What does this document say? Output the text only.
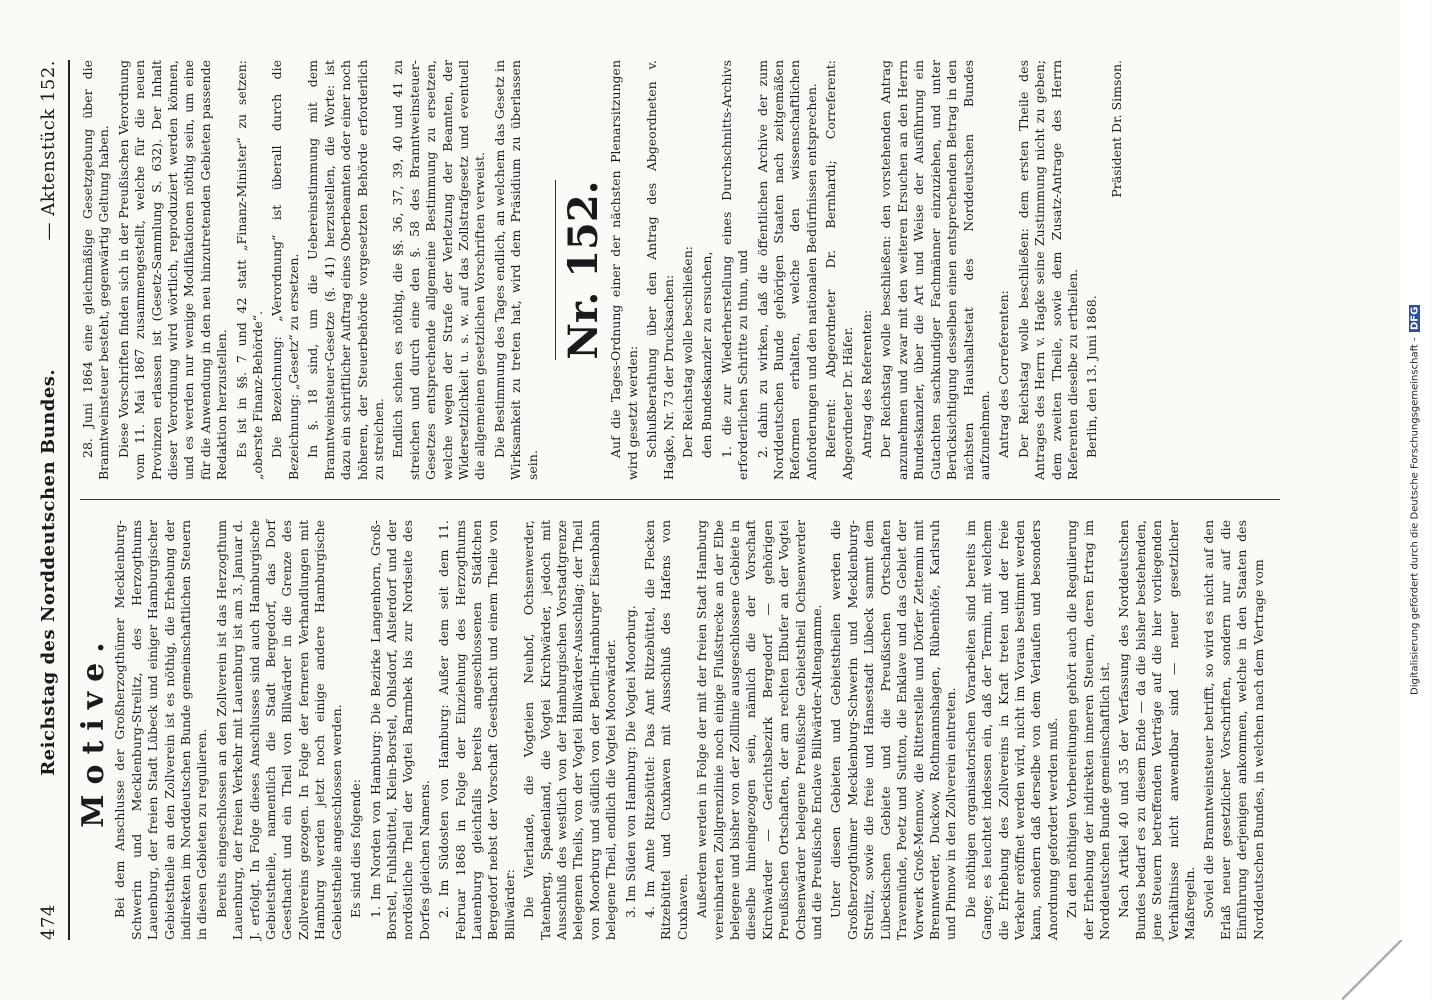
474
Reichstag des Norddeutschen Bundes.
— Aktenstück 152.
Motive. Bei dem Anschlusse der Großherzogthümer Mecklenburg-Schwerin und Mecklenburg-Strelitz, des Herzogthums Lauenburg, der freien Stadt Lübeck und einiger Hamburgischer Gebietstheile an den Zollverein ist es nöthig, die Erhebung der indirekten im Norddeutschen Bunde gemeinschaftlichen Steuern in diesen Gebieten zu regulieren. Bereits eingeschlossen an den Zollverein ist das Herzogthum Lauenburg, der freien Verkehr mit Lauenburg ist am 3. Januar d. J. erfolgt. In Folge dieses Anschlusses sind auch Hamburgische Gebietstheile, namentlich die Stadt Bergedorf, das Dorf Geesthacht und ein Theil von Billwärder in die Grenze des Zollvereins gezogen. In Folge der ferneren Verhandlungen mit Hamburg werden jetzt noch einige andere Hamburgische Gebietstheile angeschlossen werden. Es sind dies folgende: 1. Im Norden von Hamburg: Die Bezirke Langenhorn, Groß-Borstel, Fuhlsbüttel, Klein-Borstel, Ohlsdorf, Alsterdorf und der nordöstliche Theil der Vogtei Barmbek bis zur Nordseite des Dorfes gleichen Namens. 2. Im Südosten von Hamburg: Außer dem seit dem 11. Februar 1868 in Folge der Einziehung des Herzogthums Lauenburg gleichfalls bereits angeschlossenen Städtchen Bergedorf nebst der Vorschaft Geesthacht und einem Theile von Billwärder: Die Vierlande, die Vogteien Neuhof, Ochsenwerder, Tatenberg, Spadenland, die Vogtei Kirchwärder, jedoch mit Ausschluß des westlich von der Hamburgischen Vorstadtgrenze belegenen Theils, von der Vogtei Billwärder-Ausschlag; der Theil von Moorburg und südlich von der Berlin-Hamburger Eisenbahn belegene Theil, endlich die Vogtei Moorwärder. 3. Im Süden von Hamburg: Die Vogtei Moorburg. 4. Im Amte Ritzebüttel: Das Amt Ritzebüttel, die Flecken Ritzebüttel und Cuxhaven mit Ausschluß des Hafens von Cuxhaven. Außerdem werden in Folge der mit der freien Stadt Hamburg vereinbarten Zollgrenzlinie noch einige Flußstrecke an der Elbe belegene und bisher von der Zolllinie ausgeschlossene Gebiete in dieselbe hineingezogen sein, nämlich die der Vorschaft Kirchwärder — Gerichtsbezirk Bergedorf — gehörigen Preußischen Ortschaften, der am rechten Elbufer an der Vogtei Ochsenwärder belegene Preußische Gebietstheil Ochsenwerder und die Preußische Enclave Billwärder-Altengamme. Unter diesen Gebieten und Gebietstheilen werden die Großherzogthümer Mecklenburg-Schwerin und Mecklenburg-Strelitz, sowie die freie und Hansestadt Lübeck sammt dem Lübeckischen Gebiete und die Preußischen Ortschaften Travemünde, Poetz und Sutton, die Enklave und das Gebiet der Vorwerk Groß-Mennow, die Ritterstelle und Dörfer Zettemin mit Brennwerder, Duckow, Rothmannshagen, Rübenhöfe, Karlsruh und Pinnow in den Zollverein eintreten. Die nöthigen organisatorischen Vorarbeiten sind bereits im Gange; es leuchtet indessen ein, daß der Termin, mit welchem die Erhebung des Zollvereins in Kraft treten und der freie Verkehr eröffnet werden wird, nicht im Voraus bestimmt werden kann, sondern daß derselbe von dem Verlaufen und besonders Anordnung gefordert werden muß. Zu den nöthigen Vorbereitungen gehört auch die Regulierung der Erhebung der indirekten inneren Steuern, deren Ertrag im Norddeutschen Bunde gemeinschaftlich ist. Nach Artikel 40 und 35 der Verfassung des Norddeutschen Bundes bedarf es zu diesem Ende — da die bisher bestehenden, jene Steuern betreffenden Verträge auf die hier vorliegenden Verhältnisse nicht anwendbar sind — neuer gesetzlicher Maßregeln. Soviel die Branntweinsteuer betrifft, so wird es nicht auf den Erlaß neuer gesetzlicher Vorschriften, sondern nur auf die Einführung derjenigen ankommen, welche in den Staaten des Norddeutschen Bundes, in welchen nach dem Vertrage vom

28. Juni 1864 eine gleichmäßige Gesetzgebung über die Branntweinsteuer besteht, gegenwärtig Geltung haben. Diese Vorschriften finden sich in der Preußischen Verordnung vom 11. Mai 1867 zusammengestellt, welche für die neuen Provinzen erlassen ist (Gesetz-Sammlung S. 632). Der Inhalt dieser Verordnung wird wörtlich, reproduziert werden können, und es werden nur wenige Modifikationen nöthig sein, um eine für die Anwendung in den neu hinzutretenden Gebieten passende Redaktion herzustellen. Es ist in §§. 7 und 42 statt „Finanz-Minister“ zu setzen: „oberste Finanz-Behörde“. Die Bezeichnung: „Verordnung“ ist überall durch die Bezeichnung: „Gesetz“ zu ersetzen. In §. 18 sind, um die Uebereinstimmung mit dem Branntweinsteuer-Gesetze (§. 41) herzustellen, die Worte: ist dazu ein schriftlicher Auftrag eines Oberbeamten oder einer noch höheren, der Steuerbehörde vorgesetzten Behörde erforderlich zu streichen. Endlich schien es nöthig, die §§. 36, 37, 39, 40 und 41 zu streichen und durch eine den §. 58 des Branntweinsteuer-Gesetzes entsprechende allgemeine Bestimmung zu ersetzen, welche wegen der Strafe der Verletzung der Beamten, der Widersetzlichkeit u. s. w. auf das Zollstrafgesetz und eventuell die allgemeinen gesetzlichen Vorschriften verweist. Die Bestimmung des Tages endlich, an welchem das Gesetz in Wirksamkeit zu treten hat, wird dem Präsidium zu überlassen sein.

Nr. 152. Auf die Tages-Ordnung einer der nächsten Plenarsitzungen wird gesetzt werden: Schlußberathung über den Antrag des Abgeordneten v. Hagke, Nr. 73 der Drucksachen: Der Reichstag wolle beschließen: den Bundeskanzler zu ersuchen, 1. die zur Wiederherstellung eines Durchschnitts-Archivs erforderlichen Schritte zu thun, und 2. dahin zu wirken, daß die öffentlichen Archive der zum Norddeutschen Bunde gehörigen Staaten nach zeitgemäßen Reformen erhalten, welche den wissenschaftlichen Anforderungen und den nationalen Bedürfnissen entsprechen. Referent: Abgeordneter Dr. Bernhardi; Correferent: Abgeordneter Dr. Häfer. Antrag des Referenten: Der Reichstag wolle beschließen: den vorstehenden Antrag anzunehmen und zwar mit den weiteren Ersuchen an den Herrn Bundeskanzler, über die Art und Weise der Ausführung ein Gutachten sachkundiger Fachmänner einzuziehen, und unter Berücksichtigung desselben einen entsprechenden Betrag in den nächsten Haushaltsetat des Norddeutschen Bundes aufzunehmen. Antrag des Correferenten: Der Reichstag wolle beschließen: dem ersten Theile des Antrages des Herrn v. Hagke seine Zustimmung nicht zu geben; dem zweiten Theile, sowie dem Zusatz-Antrage des Herrn Referenten dieselbe zu ertheilen. Berlin, den 13. Juni 1868.

Präsident Dr. Simson.

Digitalisierung gefördert durch die Deutsche Forschungsgemeinschaft -
DFG
